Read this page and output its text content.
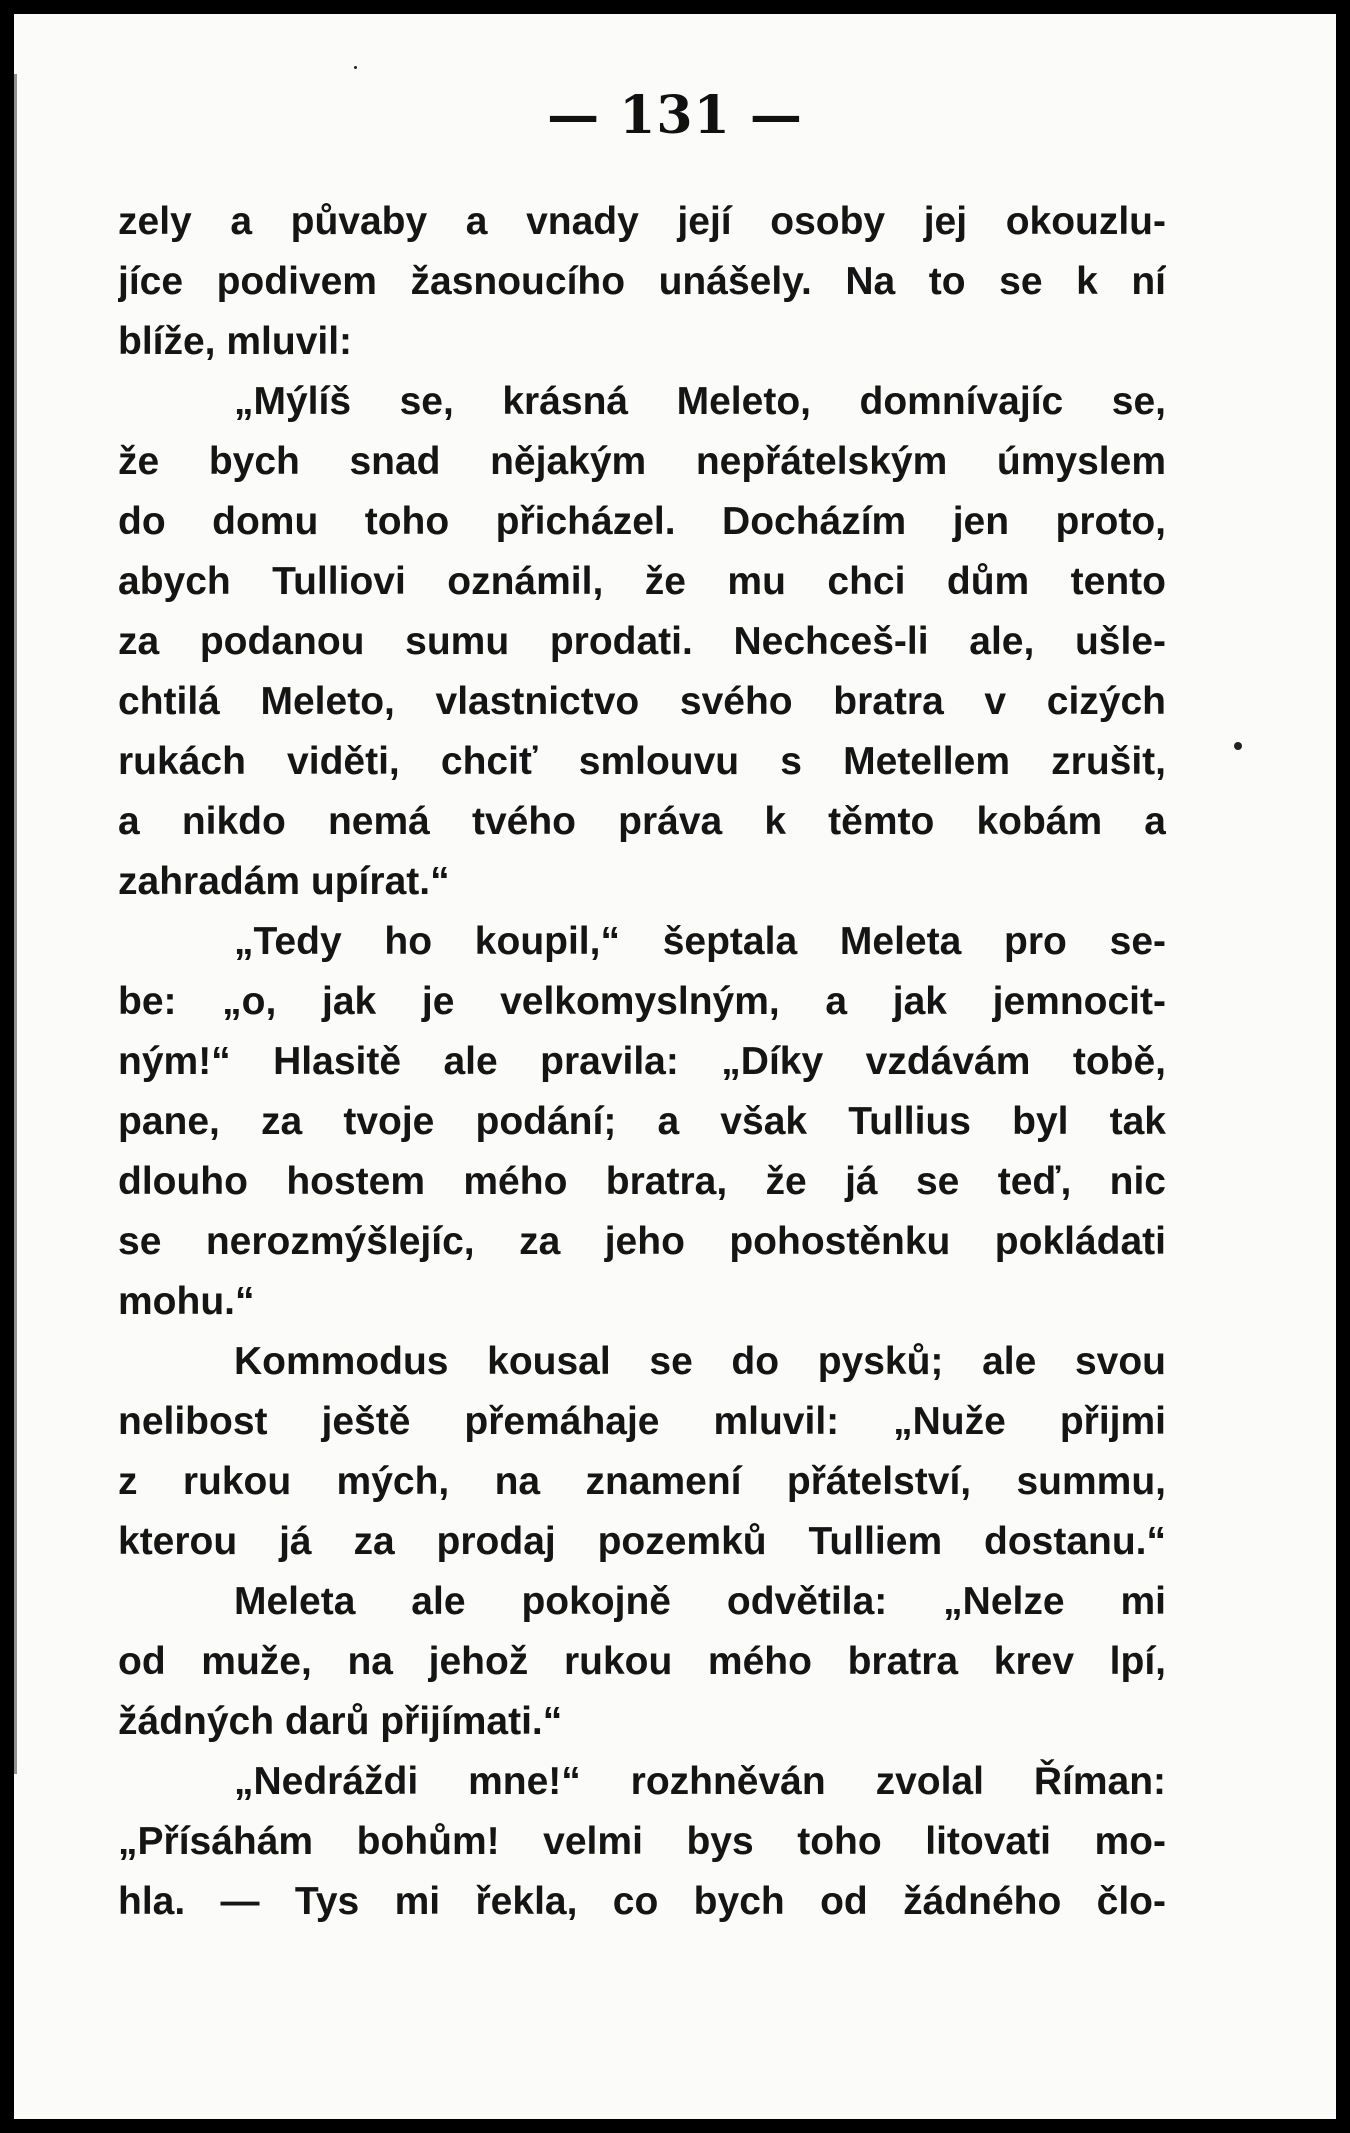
— 131 —
zely a půvaby a vnady její osoby jej okouzlu-
jíce podivem žasnoucího unášely. Na to se k ní
blíže, mluvil:
„Mýlíš se, krásná Meleto, domnívajíc se,
že bych snad nějakým nepřátelským úmyslem
do domu toho přicházel. Docházím jen proto,
abych Tulliovi oznámil, že mu chci dům tento
za podanou sumu prodati. Nechceš-li ale, ušle-
chtilá Meleto, vlastnictvo svého bratra v cizých
rukách viděti, chciť smlouvu s Metellem zrušit,
a nikdo nemá tvého práva k těmto kobám a
zahradám upírat.“
„Tedy ho koupil,“ šeptala Meleta pro se-
be: „o, jak je velkomyslným, a jak jemnocit-
ným!“ Hlasitě ale pravila: „Díky vzdávám tobě,
pane, za tvoje podání; a však Tullius byl tak
dlouho hostem mého bratra, že já se teď, nic
se nerozmýšlejíc, za jeho pohostěnku pokládati
mohu.“
Kommodus kousal se do pysků; ale svou
nelibost ještě přemáhaje mluvil: „Nuže přijmi
z rukou mých, na znamení přátelství, summu,
kterou já za prodaj pozemků Tulliem dostanu.“
Meleta ale pokojně odvětila: „Nelze mi
od muže, na jehož rukou mého bratra krev lpí,
žádných darů přijímati.“
„Nedráždi mne!“ rozhněván zvolal Říman:
„Přísáhám bohům! velmi bys toho litovati mo-
hla. — Tys mi řekla, co bych od žádného člo-
